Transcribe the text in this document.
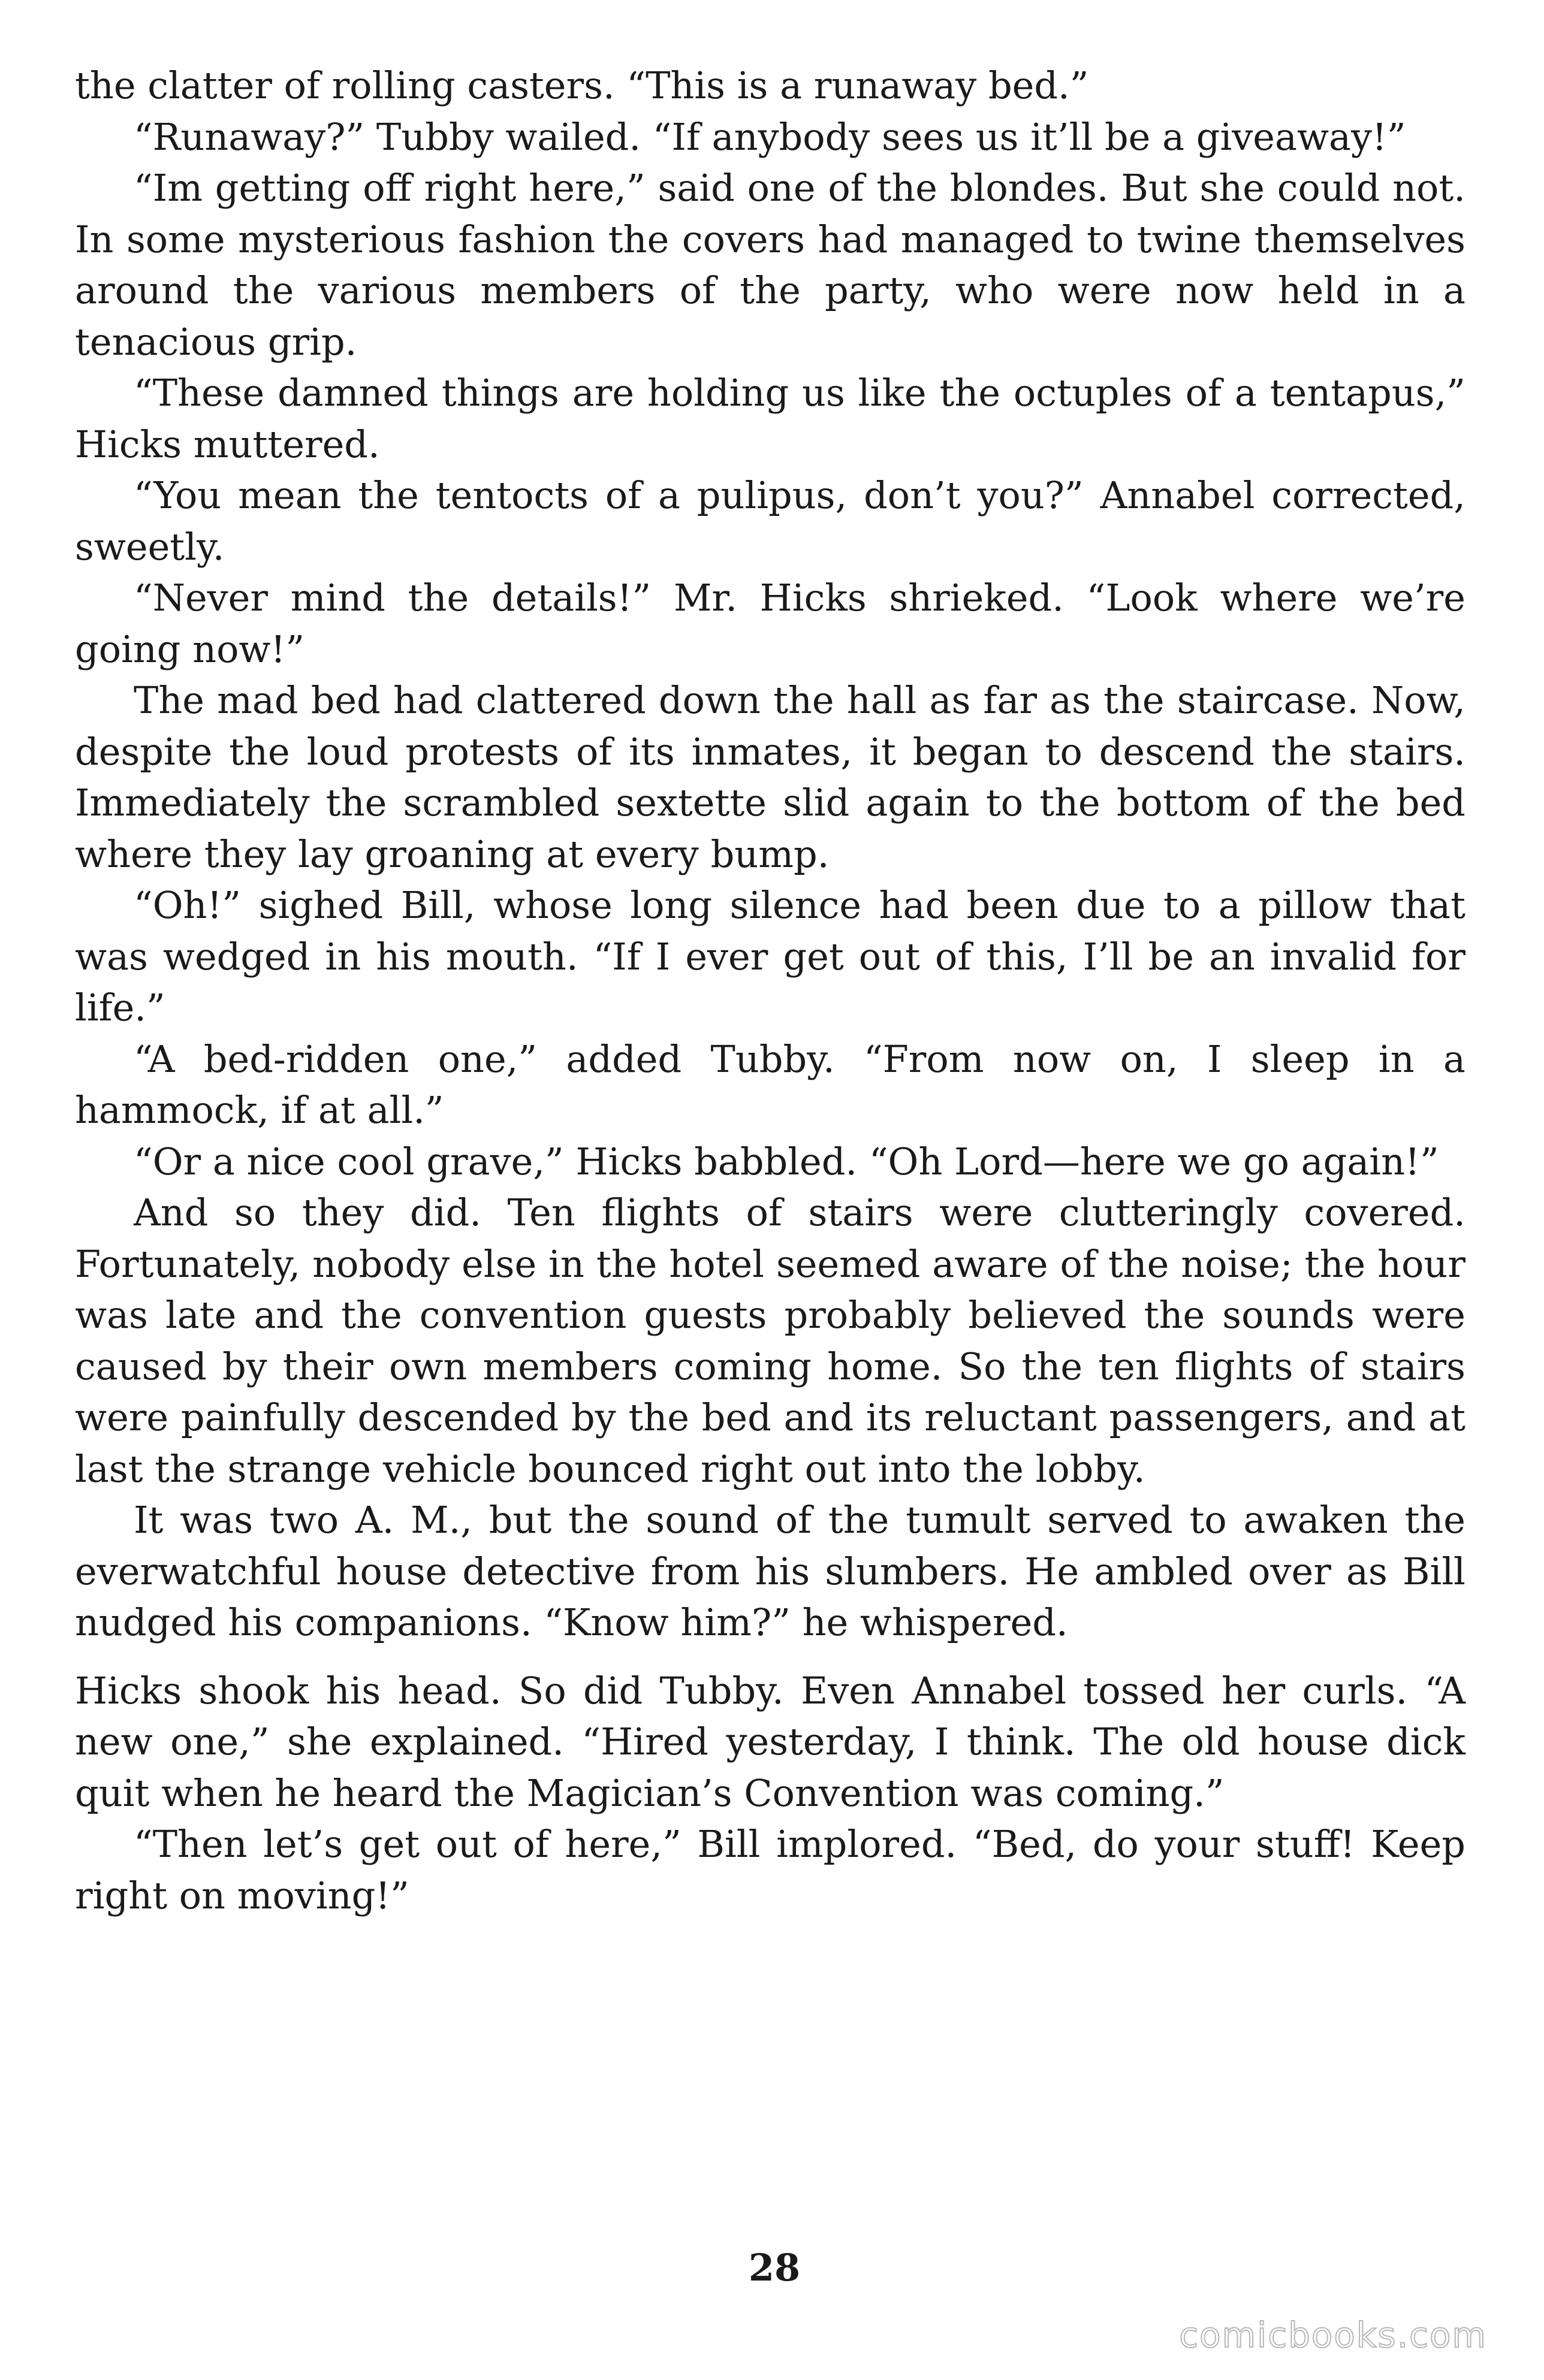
the clatter of rolling casters. “This is a runaway bed.”

“Runaway?” Tubby wailed. “If anybody sees us it’ll be a giveaway!”

“Im getting off right here,” said one of the blondes. But she could not. In some mysterious fashion the covers had managed to twine themselves around the various members of the party, who were now held in a tenacious grip.

“These damned things are holding us like the octuples of a tentapus,” Hicks muttered.

“You mean the tentocts of a pulipus, don’t you?” Annabel corrected, sweetly.

“Never mind the details!” Mr. Hicks shrieked. “Look where we’re going now!”

The mad bed had clattered down the hall as far as the staircase. Now, despite the loud protests of its inmates, it began to descend the stairs. Immediately the scrambled sextette slid again to the bottom of the bed where they lay groaning at every bump.

“Oh!” sighed Bill, whose long silence had been due to a pillow that was wedged in his mouth. “If I ever get out of this, I’ll be an invalid for life.”

“A bed-ridden one,” added Tubby. “From now on, I sleep in a hammock, if at all.”

“Or a nice cool grave,” Hicks babbled. “Oh Lord—here we go again!”

And so they did. Ten flights of stairs were clutteringly covered. Fortunately, nobody else in the hotel seemed aware of the noise; the hour was late and the convention guests probably believed the sounds were caused by their own members coming home. So the ten flights of stairs were painfully descended by the bed and its reluctant passengers, and at last the strange vehicle bounced right out into the lobby.

It was two A. M., but the sound of the tumult served to awaken the everwatchful house detective from his slumbers. He ambled over as Bill nudged his companions. “Know him?” he whispered.

Hicks shook his head. So did Tubby. Even Annabel tossed her curls. “A new one,” she explained. “Hired yesterday, I think. The old house dick quit when he heard the Magician’s Convention was coming.”

“Then let’s get out of here,” Bill implored. “Bed, do your stuff! Keep right on moving!”

28
comicbooks.com
